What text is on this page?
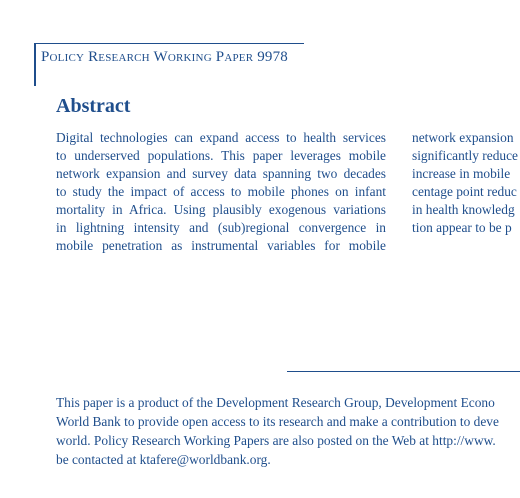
Policy Research Working Paper 9978
Abstract
Digital technologies can expand access to health services
to underserved populations. This paper leverages mobile
network expansion and survey data spanning two decades
to study the impact of access to mobile phones on infant
mortality in Africa. Using plausibly exogenous variations
in lightning intensity and (sub)regional convergence in
mobile penetration as instrumental variables for mobile
network expansion
significantly reduce
increase in mobile
centage point reduc
in health knowledg
tion appear to be p
This paper is a product of the Development Research Group, Development Econo
World Bank to provide open access to its research and make a contribution to deve
world. Policy Research Working Papers are also posted on the Web at http://www.
be contacted at ktafere@worldbank.org.
